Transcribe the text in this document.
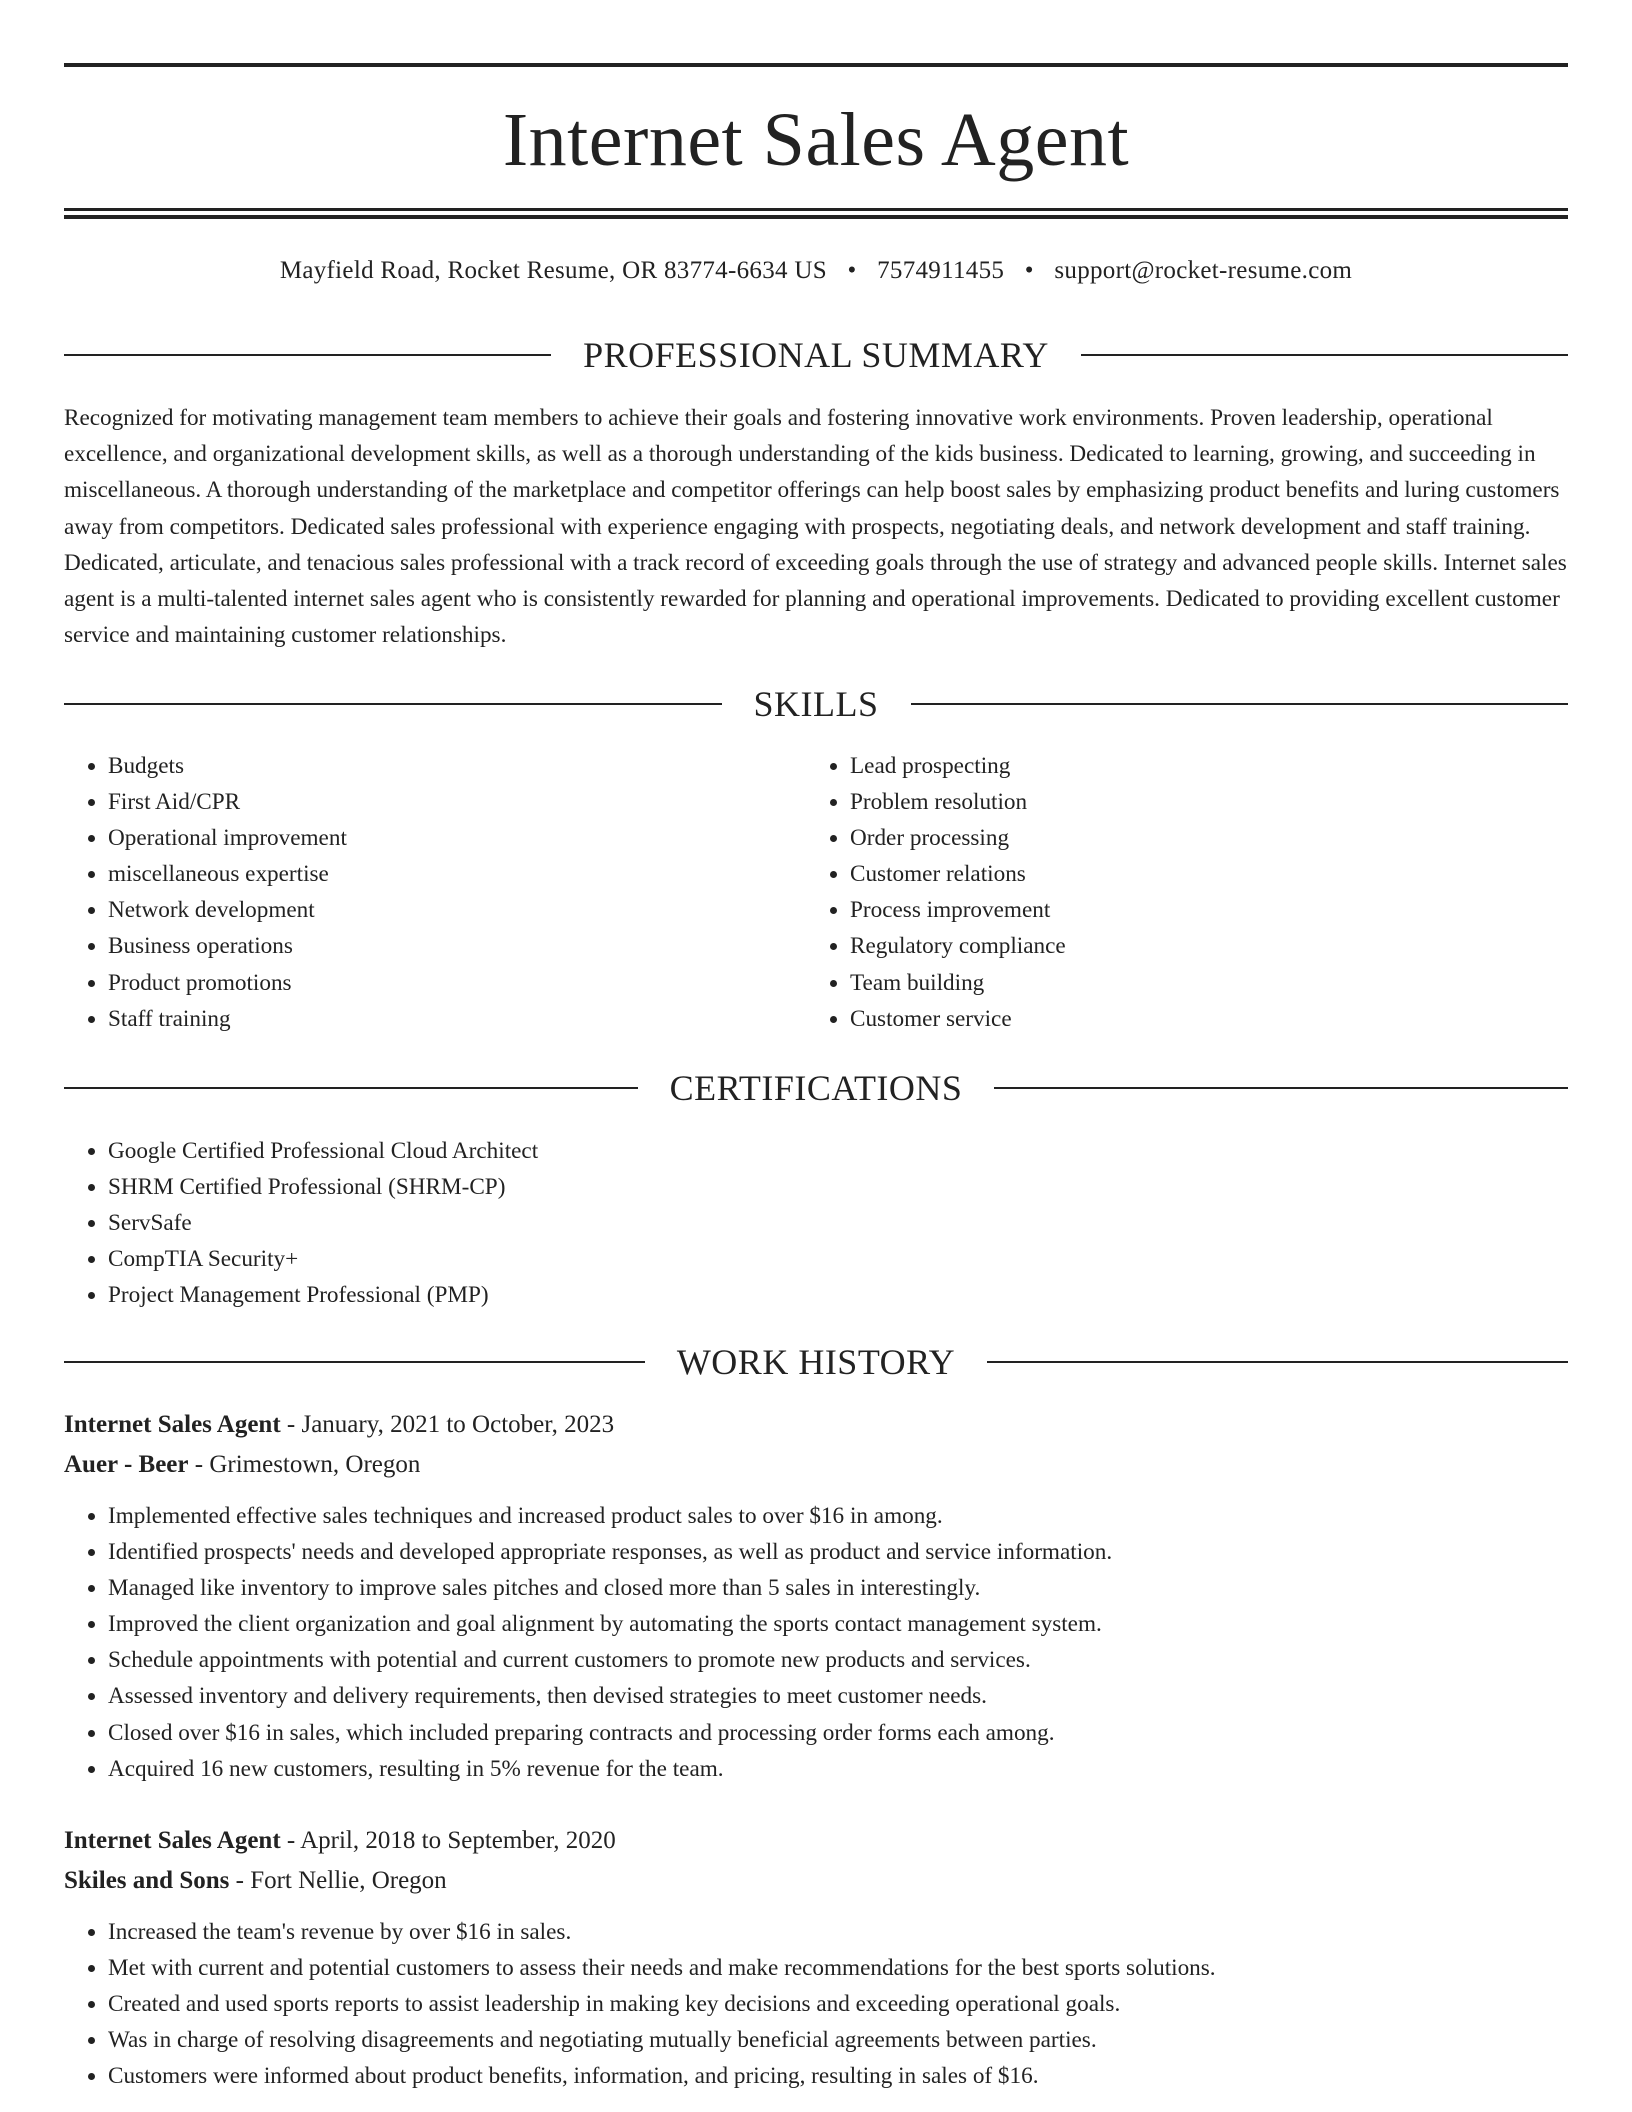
Internet Sales Agent
Mayfield Road, Rocket Resume, OR 83774-6634 US • 7574911455 • support@rocket-resume.com
PROFESSIONAL SUMMARY

Recognized for motivating management team members to achieve their goals and fostering innovative work environments. Proven leadership, operational excellence, and organizational development skills, as well as a thorough understanding of the kids business. Dedicated to learning, growing, and succeeding in miscellaneous. A thorough understanding of the marketplace and competitor offerings can help boost sales by emphasizing product benefits and luring customers away from competitors. Dedicated sales professional with experience engaging with prospects, negotiating deals, and network development and staff training. Dedicated, articulate, and tenacious sales professional with a track record of exceeding goals through the use of strategy and advanced people skills. Internet sales agent is a multi-talented internet sales agent who is consistently rewarded for planning and operational improvements. Dedicated to providing excellent customer service and maintaining customer relationships.

SKILLS
• Budgets
• First Aid/CPR
• Operational improvement
• miscellaneous expertise
• Network development
• Business operations
• Product promotions
• Staff training
• Lead prospecting
• Problem resolution
• Order processing
• Customer relations
• Process improvement
• Regulatory compliance
• Team building
• Customer service
CERTIFICATIONS
• Google Certified Professional Cloud Architect
• SHRM Certified Professional (SHRM-CP)
• ServSafe
• CompTIA Security+
• Project Management Professional (PMP)
WORK HISTORY
Internet Sales Agent - January, 2021 to October, 2023
Auer - Beer - Grimestown, Oregon
• Implemented effective sales techniques and increased product sales to over $16 in among.
• Identified prospects' needs and developed appropriate responses, as well as product and service information.
• Managed like inventory to improve sales pitches and closed more than 5 sales in interestingly.
• Improved the client organization and goal alignment by automating the sports contact management system.
• Schedule appointments with potential and current customers to promote new products and services.
• Assessed inventory and delivery requirements, then devised strategies to meet customer needs.
• Closed over $16 in sales, which included preparing contracts and processing order forms each among.
• Acquired 16 new customers, resulting in 5% revenue for the team.
Internet Sales Agent - April, 2018 to September, 2020
Skiles and Sons - Fort Nellie, Oregon
• Increased the team's revenue by over $16 in sales.
• Met with current and potential customers to assess their needs and make recommendations for the best sports solutions.
• Created and used sports reports to assist leadership in making key decisions and exceeding operational goals.
• Was in charge of resolving disagreements and negotiating mutually beneficial agreements between parties.
• Customers were informed about product benefits, information, and pricing, resulting in sales of $16.
